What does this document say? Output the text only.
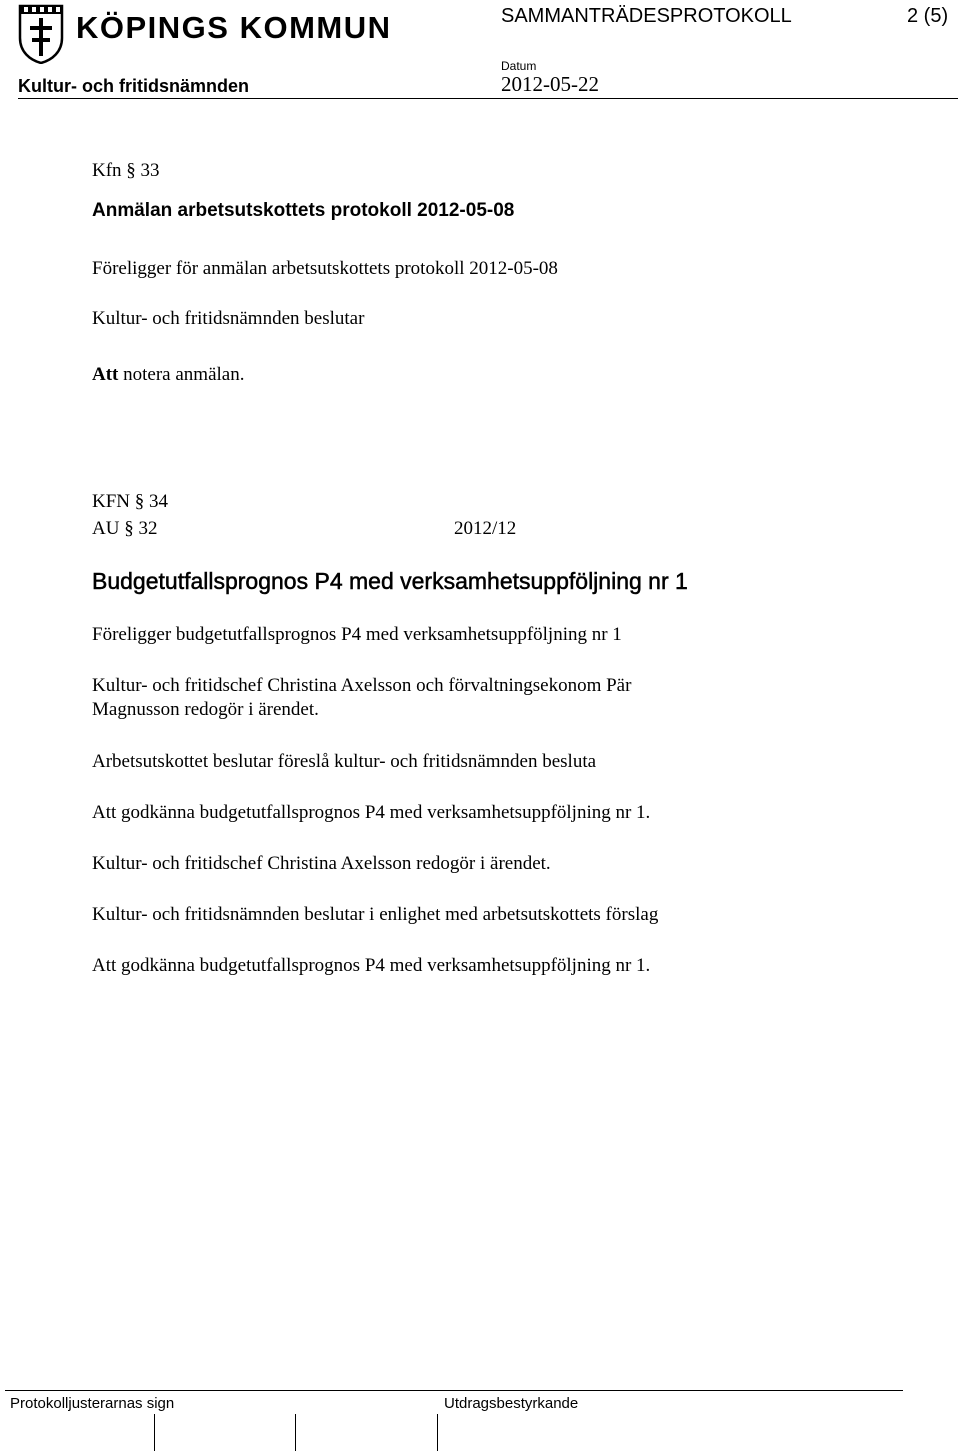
KÖPINGS KOMMUN	SAMMANTRÄDESPROTOKOLL	2 (5)
Kultur- och fritidsnämnden
Datum
2012-05-22
Kfn § 33
Anmälan arbetsutskottets protokoll 2012-05-08
Föreligger för anmälan arbetsutskottets protokoll 2012-05-08
Kultur- och fritidsnämnden beslutar
Att notera anmälan.
KFN § 34
AU § 32	2012/12
Budgetutfallsprognos P4 med verksamhetsuppföljning nr 1
Föreligger budgetutfallsprognos P4 med verksamhetsuppföljning nr 1
Kultur- och fritidschef Christina Axelsson och förvaltningsekonom Pär
Magnusson redogör i ärendet.
Arbetsutskottet beslutar föreslå kultur- och fritidsnämnden besluta
Att godkänna budgetutfallsprognos P4 med verksamhetsuppföljning nr 1.
Kultur- och fritidschef Christina Axelsson redogör i ärendet.
Kultur- och fritidsnämnden beslutar i enlighet med arbetsutskottets förslag
Att godkänna budgetutfallsprognos P4 med verksamhetsuppföljning nr 1.
Protokolljusterarnas sign	Utdragsbestyrkande
